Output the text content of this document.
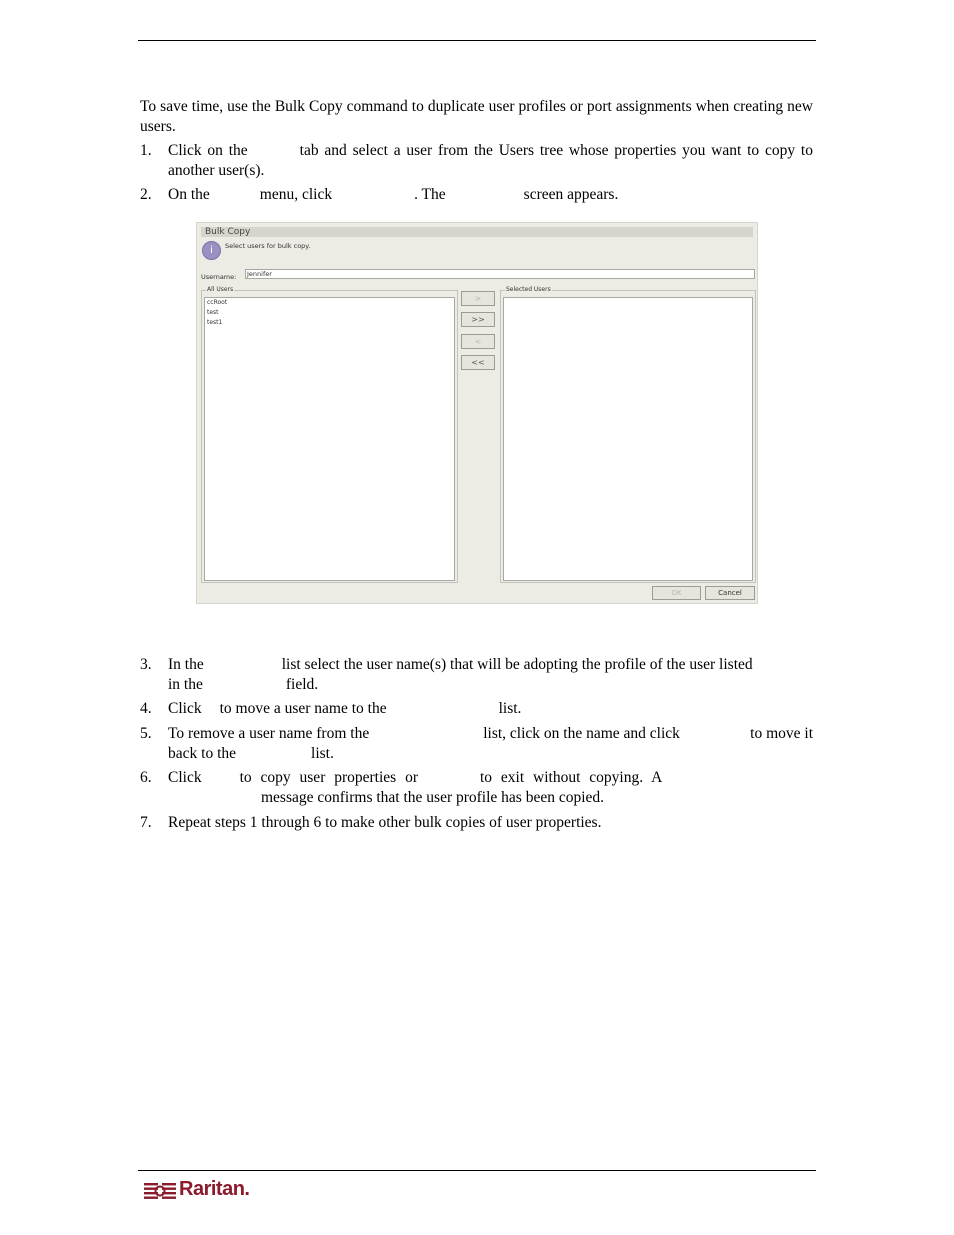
To save time, use the Bulk Copy command to duplicate user profiles or port assignments when creating new users.
1. Click on the	tab and select a user from the Users tree whose properties you want to copy to another user(s).
2. On the	menu, click	. The	screen appears.
Bulk Copy
i	Select users for bulk copy.
Username:	Jennifer
All Users
ccRoot
test
test1
>
>>
<
<<
Selected Users
OK	Cancel
3. In the	list select the user name(s) that will be adopting the profile of the user listed
in the	field.
4. Click to move a user name to the	list.
5. To remove a user name from the	list, click on the name and click	to move it
back to the	list.
6. Click to copy user properties or	to exit without copying. A
message confirms that the user profile has been copied.
7. Repeat steps 1 through 6 to make other bulk copies of user properties.
Raritan.
